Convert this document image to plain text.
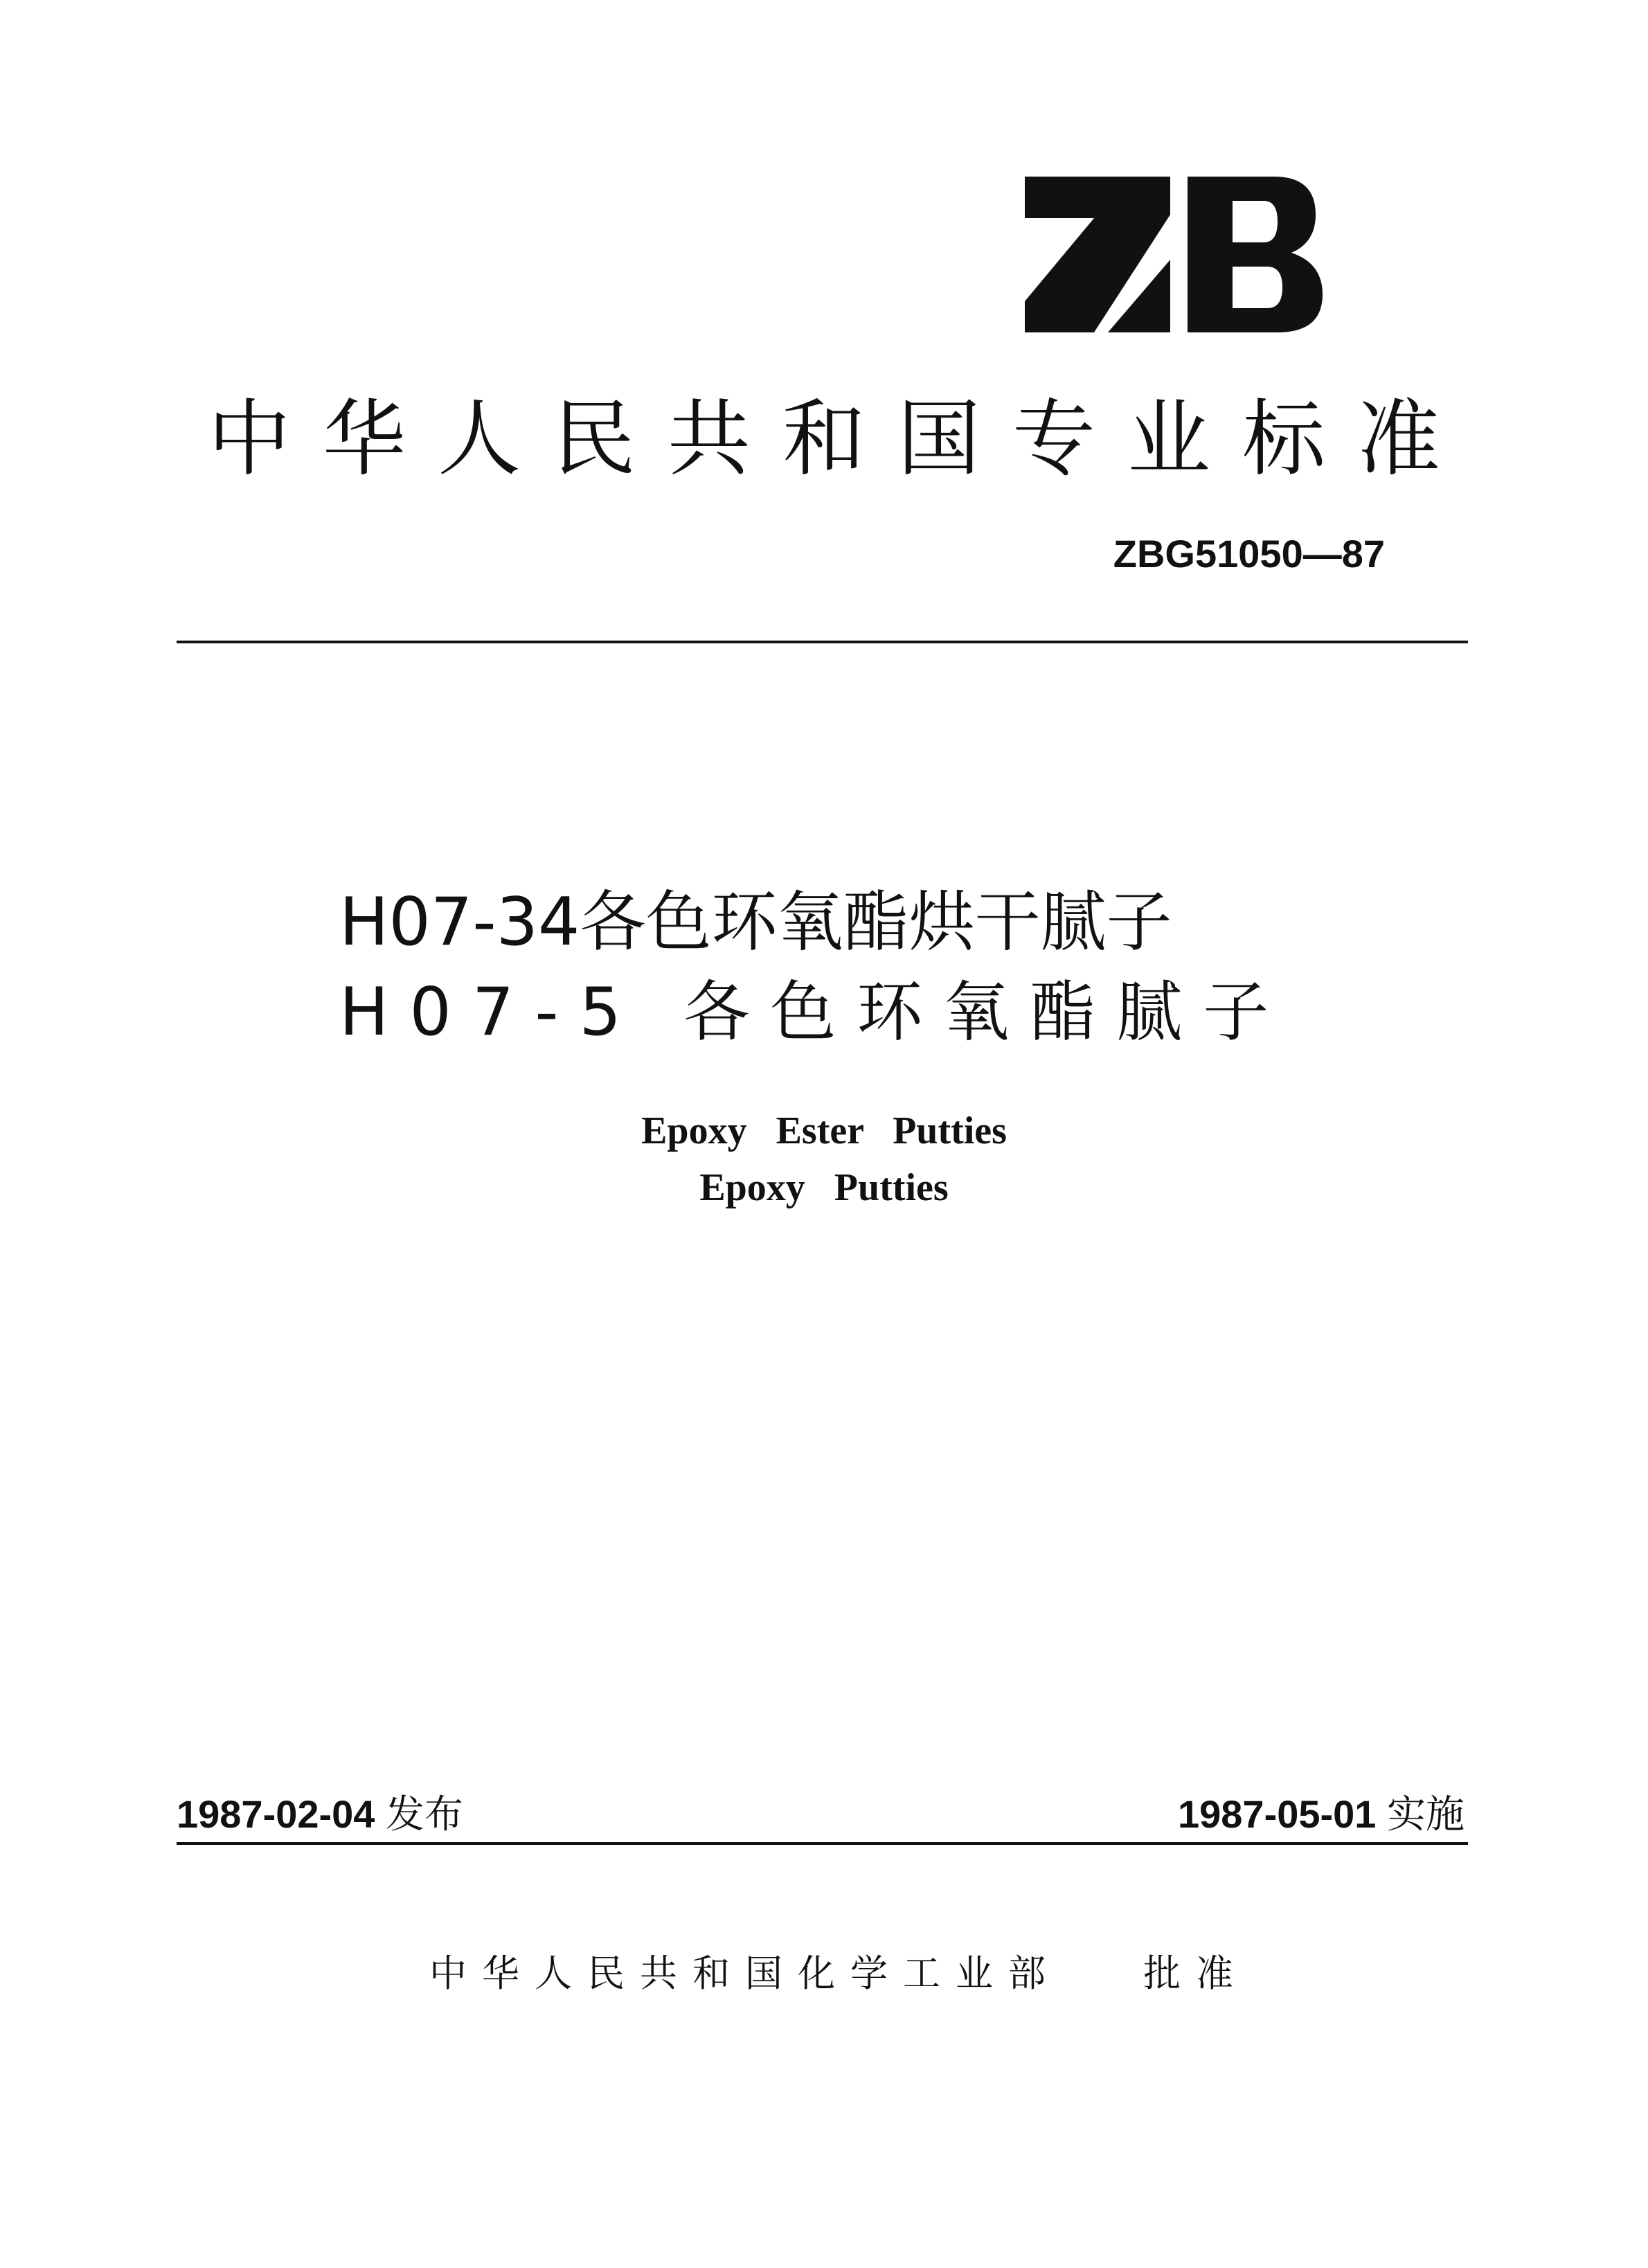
中华人民共和国专业标准
ZBG51050—87
H07-34各色环氧酯烘干腻子
H07-5 各色环氧酯腻子
Epoxy   Ester   Putties
Epoxy   Putties
1987-02-04 发布	1987-05-01 实施
中华人民共和国化学工业部 批准
